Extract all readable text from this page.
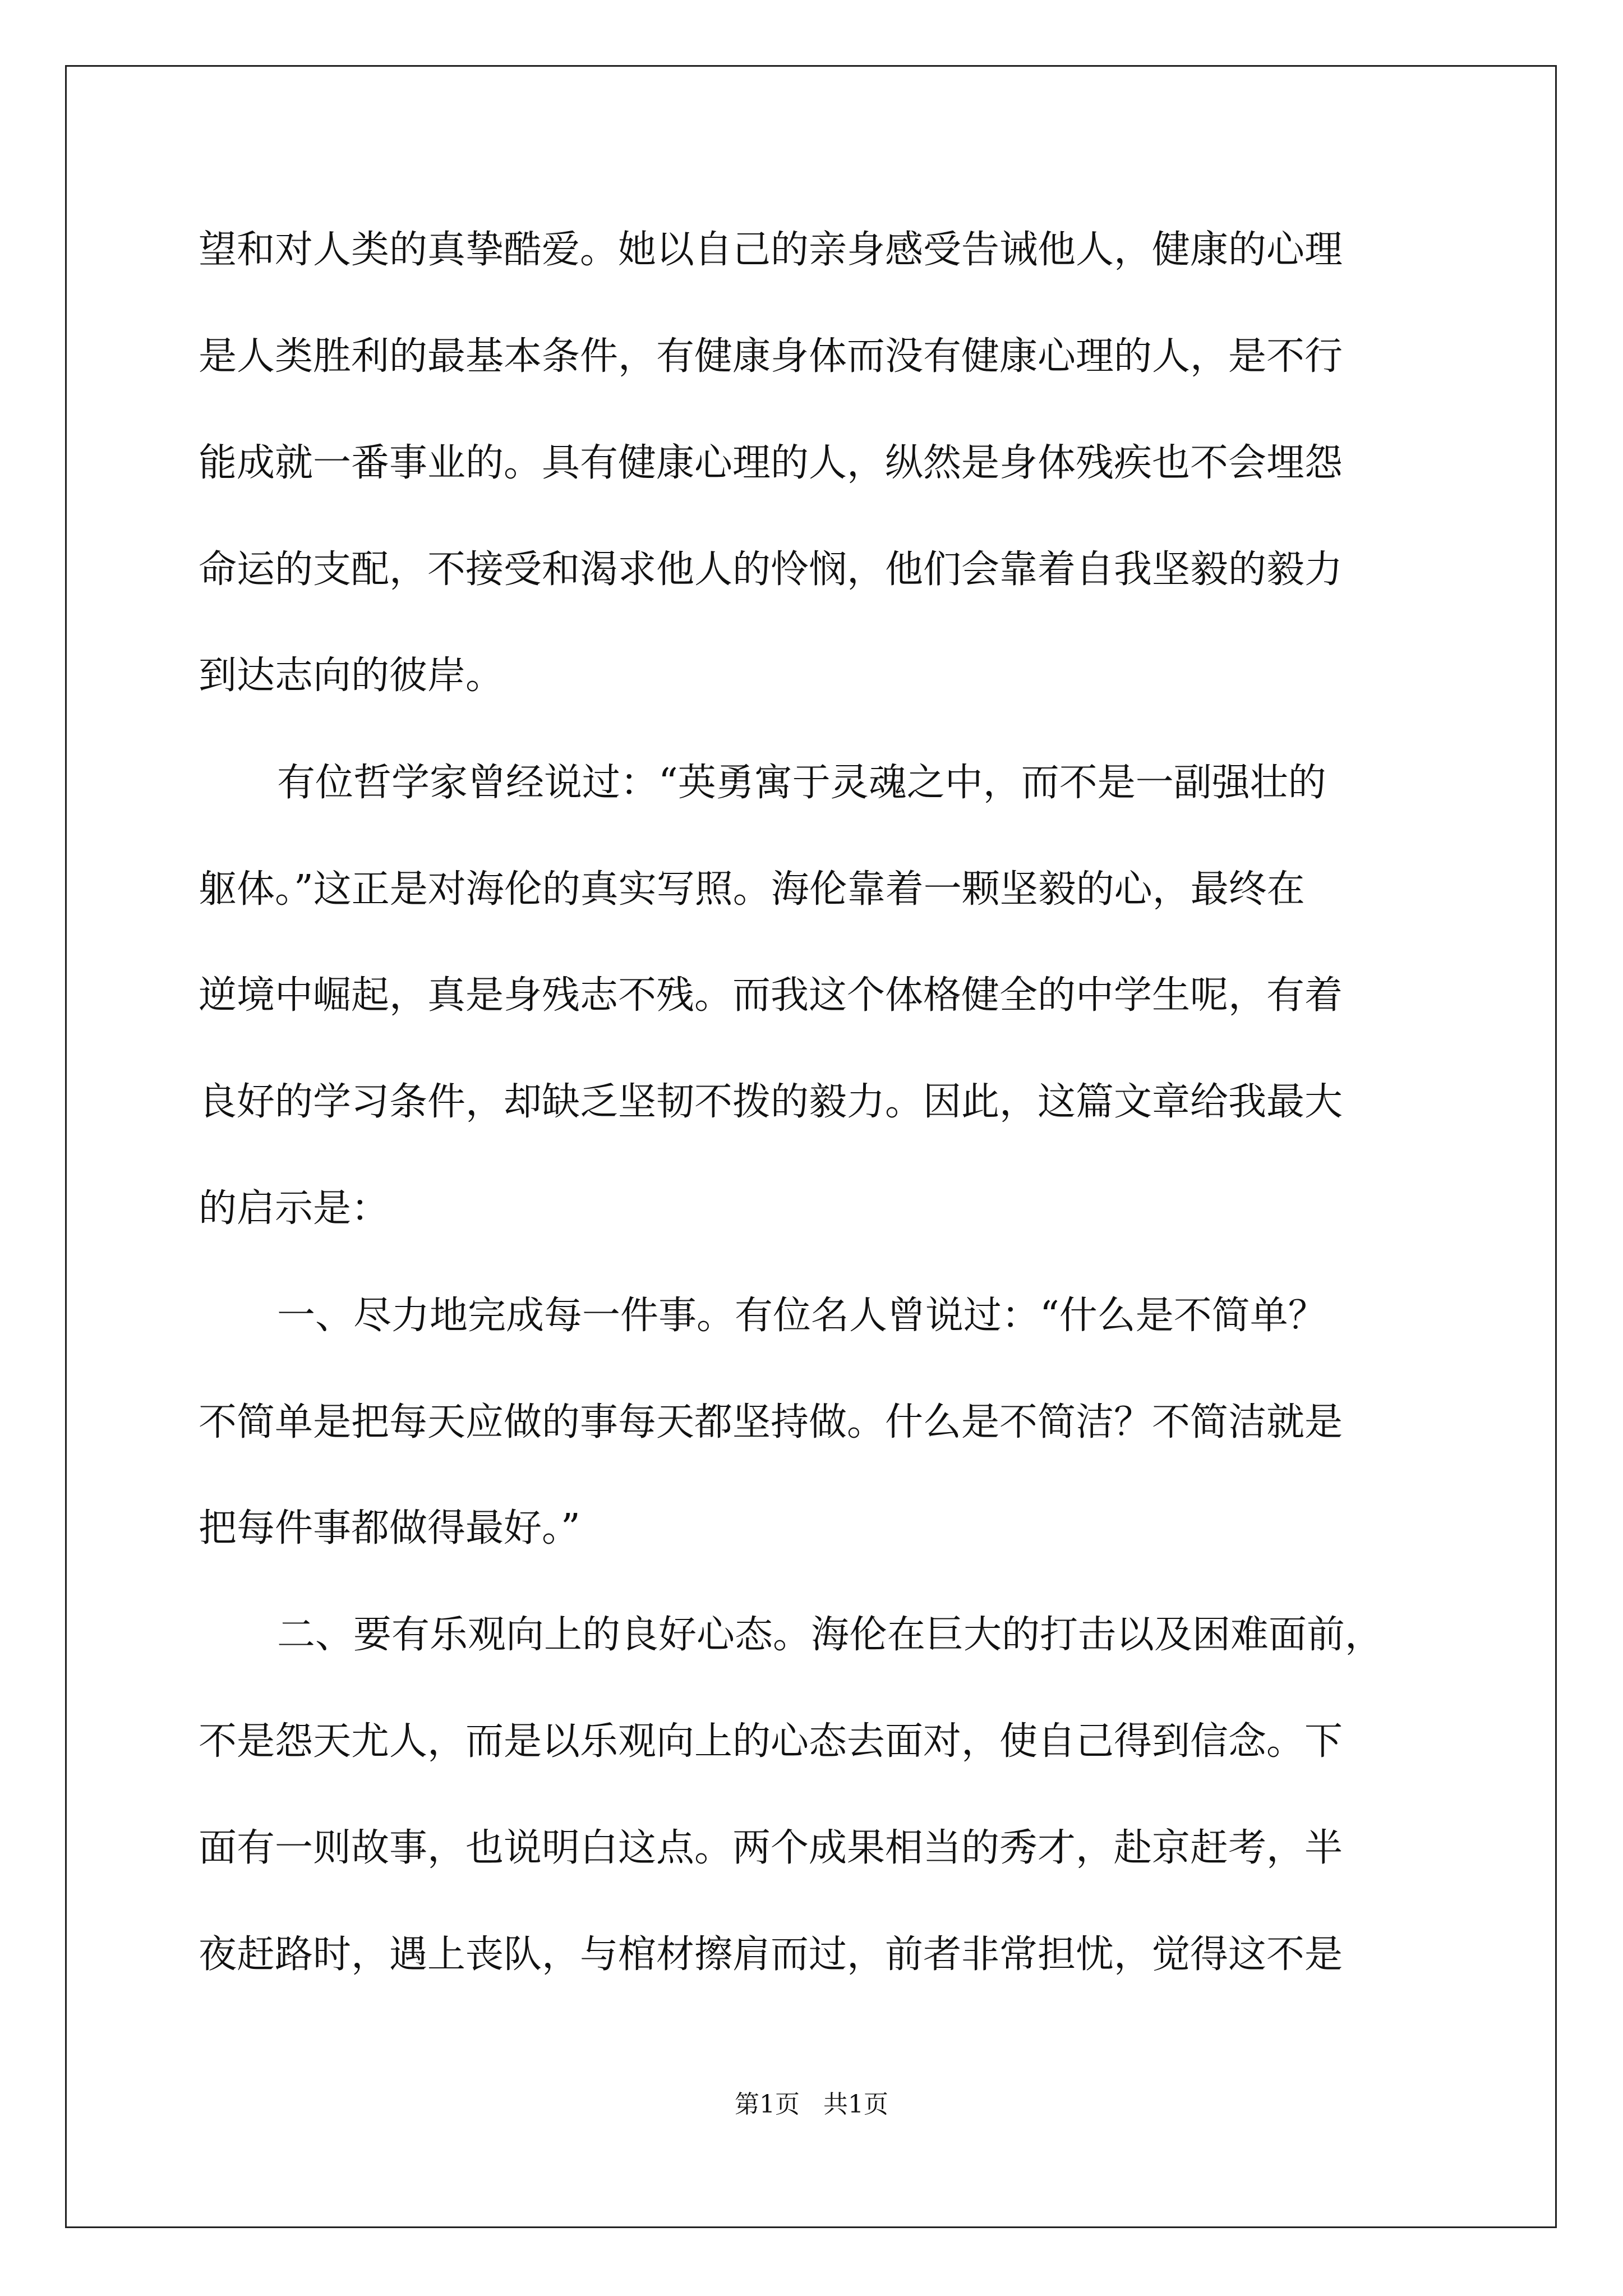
望和对人类的真挚酷爱。她以自己的亲身感受告诫他人，健康的心理
是人类胜利的最基本条件，有健康身体而没有健康心理的人，是不行
能成就一番事业的。具有健康心理的人，纵然是身体残疾也不会埋怨
命运的支配，不接受和渴求他人的怜悯，他们会靠着自我坚毅的毅力
到达志向的彼岸。
有位哲学家曾经说过：“英勇寓于灵魂之中，而不是一副强壮的
躯体。”这正是对海伦的真实写照。海伦靠着一颗坚毅的心，最终在
逆境中崛起，真是身残志不残。而我这个体格健全的中学生呢，有着
良好的学习条件，却缺乏坚韧不拨的毅力。因此，这篇文章给我最大
的启示是：
一、尽力地完成每一件事。有位名人曾说过：“什么是不简单？
不简单是把每天应做的事每天都坚持做。什么是不简洁？不简洁就是
把每件事都做得最好。”
二、要有乐观向上的良好心态。海伦在巨大的打击以及困难面前，
不是怨天尤人，而是以乐观向上的心态去面对，使自己得到信念。下
面有一则故事，也说明白这点。两个成果相当的秀才，赴京赶考，半
夜赶路时，遇上丧队，与棺材擦肩而过，前者非常担忧，觉得这不是
第1页   共1页
